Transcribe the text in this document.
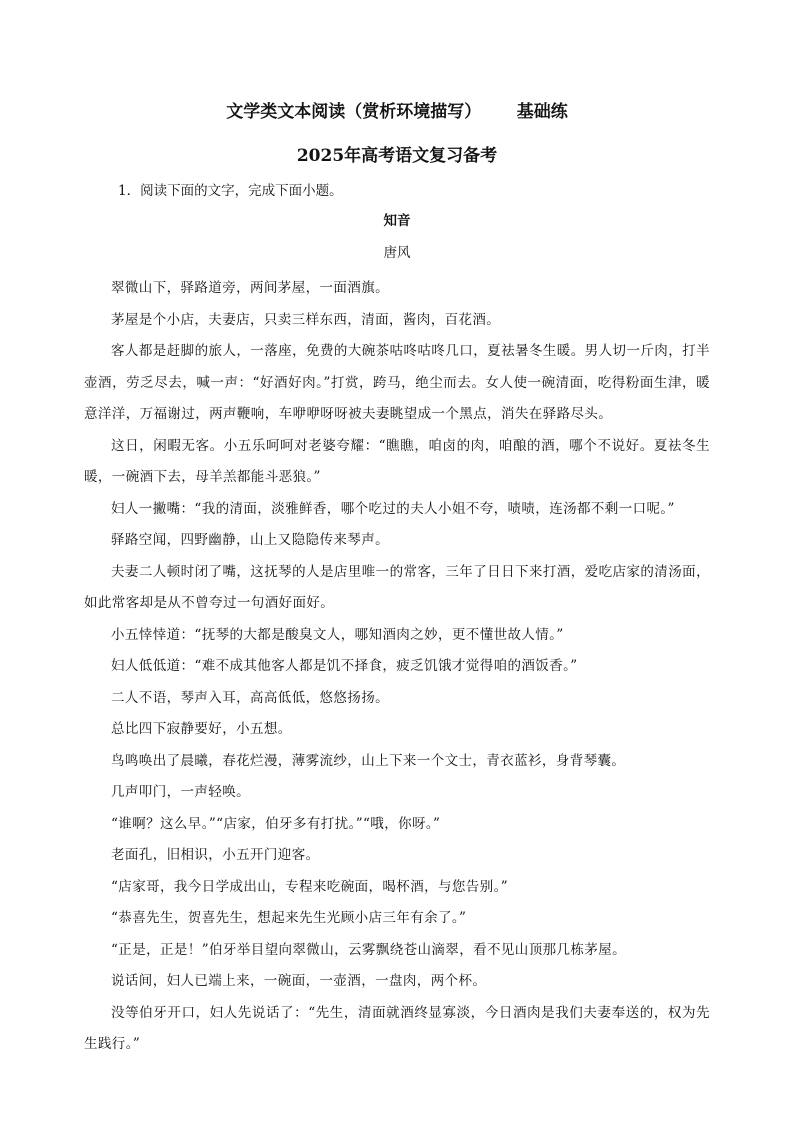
文学类文本阅读（赏析环境描写）      基础练
2025年高考语文复习备考
1．阅读下面的文字，完成下面小题。
知音
唐风

翠微山下，驿路道旁，两间茅屋，一面酒旗。

茅屋是个小店，夫妻店，只卖三样东西，清面，酱肉，百花酒。

客人都是赶脚的旅人，一落座，免费的大碗茶咕咚咕咚几口，夏祛暑冬生暖。男人切一斤肉，打半壶酒，劳乏尽去，喊一声：“好酒好肉。”打赏，跨马，绝尘而去。女人使一碗清面，吃得粉面生津，暖意洋洋，万福谢过，两声鞭响，车咿咿呀呀被夫妻眺望成一个黑点，消失在驿路尽头。

这日，闲暇无客。小五乐呵呵对老婆夸耀：“瞧瞧，咱卤的肉，咱酿的酒，哪个不说好。夏祛冬生暖，一碗酒下去，母羊羔都能斗恶狼。”

妇人一撇嘴：“我的清面，淡雅鲜香，哪个吃过的夫人小姐不夸，啧啧，连汤都不剩一口呢。”

驿路空闻，四野幽静，山上又隐隐传来琴声。

夫妻二人顿时闭了嘴，这抚琴的人是店里唯一的常客，三年了日日下来打酒，爱吃店家的清汤面，如此常客却是从不曾夸过一句酒好面好。

小五悻悻道：“抚琴的大都是酸臭文人，哪知酒肉之妙，更不懂世故人情。”

妇人低低道：“难不成其他客人都是饥不择食，疲乏饥饿才觉得咱的酒饭香。”

二人不语，琴声入耳，高高低低，悠悠扬扬。

总比四下寂静要好，小五想。

鸟鸣唤出了晨曦，春花烂漫，薄雾流纱，山上下来一个文士，青衣蓝衫，身背琴囊。

几声叩门，一声轻唤。

“谁啊？这么早。”“店家，伯牙多有打扰。”“哦，你呀。”

老面孔，旧相识，小五开门迎客。

“店家哥，我今日学成出山，专程来吃碗面，喝杯酒，与您告别。”

“恭喜先生，贺喜先生，想起来先生光顾小店三年有余了。”

“正是，正是！”伯牙举目望向翠微山，云雾飘绕苍山滴翠，看不见山顶那几栋茅屋。

说话间，妇人已端上来，一碗面，一壶酒，一盘肉，两个杯。

没等伯牙开口，妇人先说话了：“先生，清面就酒终显寡淡，今日酒肉是我们夫妻奉送的，权为先生践行。”
